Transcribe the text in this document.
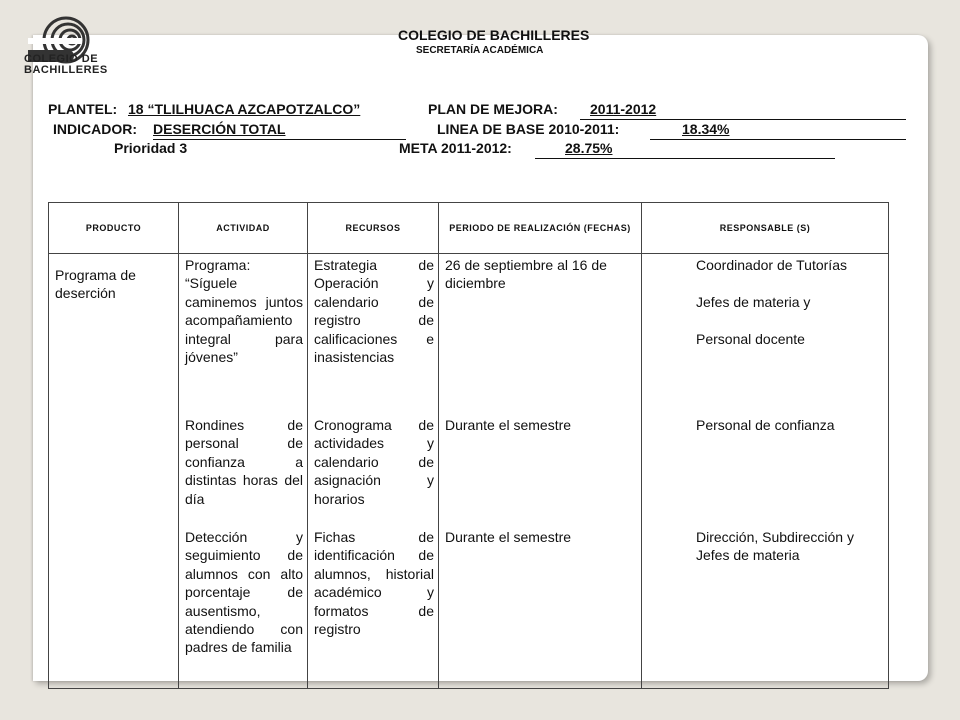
COLEGIO DE
BACHILLERES
COLEGIO DE BACHILLERES
SECRETARÍA ACADÉMICA
PLANTEL: 18 “TLILHUACA AZCAPOTZALCO”	PLAN DE MEJORA: 2011-2012
INDICADOR: DESERCIÓN TOTAL	LINEA DE BASE 2010-2011:	18.34%
Prioridad 3	META 2011-2012:	28.75%
PRODUCTO	ACTIVIDAD	RECURSOS	PERIODO DE REALIZACIÓN (FECHAS)	RESPONSABLE (S)
Programa de deserción	Programa: “Síguele caminemos juntos acompañamiento integral para jóvenes”	Estrategia de Operación y calendario de registro de calificaciones e inasistencias	26 de septiembre al 16 de diciembre	Coordinador de Tutorías
Jefes de materia y
Personal docente

	Rondines de personal de confianza a distintas horas del día	Cronograma de actividades y calendario de asignación y horarios	Durante el semestre	Personal de confianza

	Detección y seguimiento de alumnos con alto porcentaje de ausentismo, atendiendo con padres de familia	Fichas de identificación de alumnos, historial académico y formatos de registro	Durante el semestre	Dirección, Subdirección y Jefes de materia
